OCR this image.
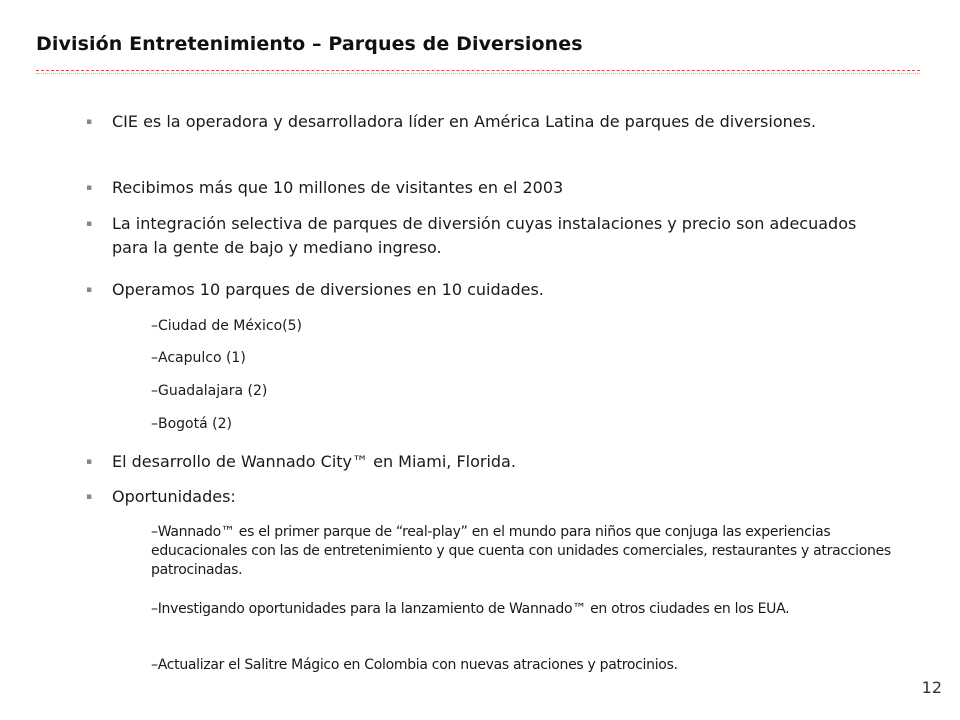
División Entretenimiento – Parques de Diversiones
▪ CIE es la operadora y desarrolladora líder en América Latina de parques de diversiones.
▪ Recibimos más que 10 millones de visitantes en el 2003
▪ La integración selectiva de parques de diversión cuyas instalaciones y precio son adecuados para la gente de bajo y mediano ingreso.
▪ Operamos 10 parques de diversiones en 10 cuidades.
–Ciudad de México(5)
–Acapulco (1)
–Guadalajara (2)
–Bogotá (2)
▪ El desarrollo de Wannado City™ en Miami, Florida.
▪ Oportunidades:
–Wannado™ es el primer parque de “real-play” en el mundo para niños que conjuga las experiencias educacionales con las de entretenimiento y que cuenta con unidades comerciales, restaurantes y atracciones patrocinadas.
–Investigando oportunidades para la lanzamiento de Wannado™ en otros ciudades en los EUA.
–Actualizar el Salitre Mágico en Colombia con nuevas atraciones y patrocinios.
12
